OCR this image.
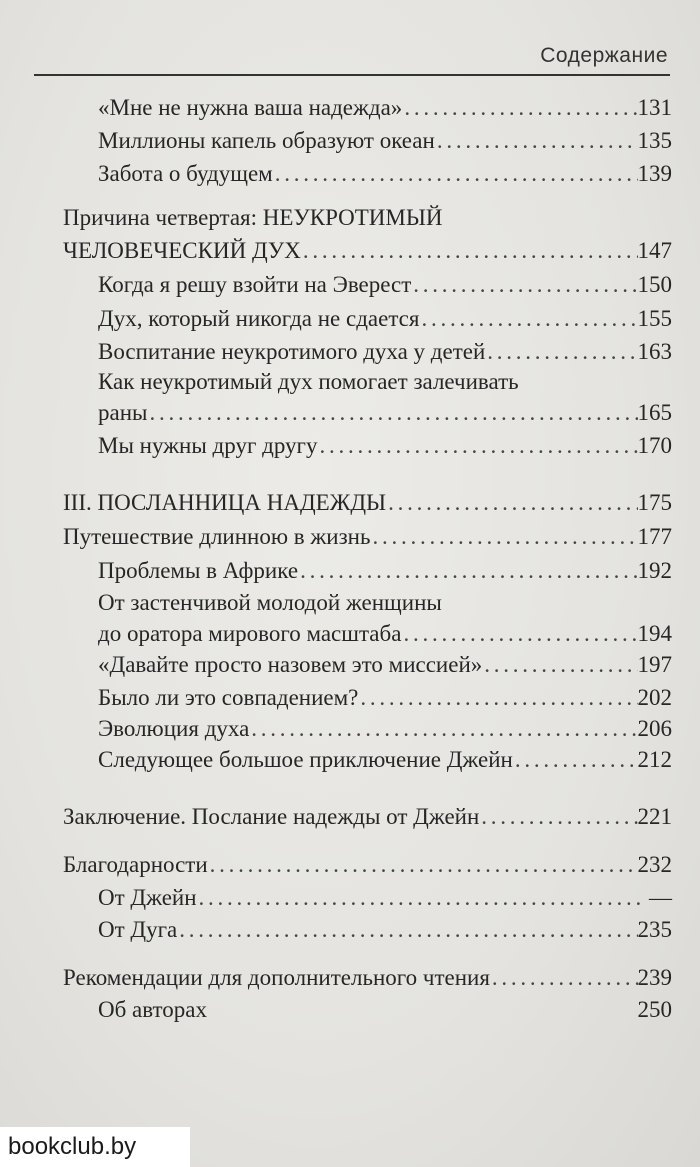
Содержание
«Мне не нужна ваша надежда» . . .	131
Миллионы капель образуют океан . . .	135
Забота о будущем . . .	139
Причина четвертая: НЕУКРОТИМЫЙ
ЧЕЛОВЕЧЕСКИЙ ДУХ . . .	147
Когда я решу взойти на Эверест . . .	150
Дух, который никогда не сдается . . .	155
Воспитание неукротимого духа у детей . . .	163
Как неукротимый дух помогает залечивать
раны . . .	165
Мы нужны друг другу . . .	170
III. ПОСЛАННИЦА НАДЕЖДЫ . . .	175
Путешествие длинною в жизнь . . .	177
Проблемы в Африке . . .	192
От застенчивой молодой женщины
до оратора мирового масштаба . . .	194
«Давайте просто назовем это миссией» . . .	197
Было ли это совпадением? . . .	202
Эволюция духа . . .	206
Следующее большое приключение Джейн . . .	212
Заключение. Послание надежды от Джейн . . .	221
Благодарности . . .	232
От Джейн . . .	—
От Дуга . . .	235
Рекомендации для дополнительного чтения . . .	239
Об авторах	250
bookclub.by
